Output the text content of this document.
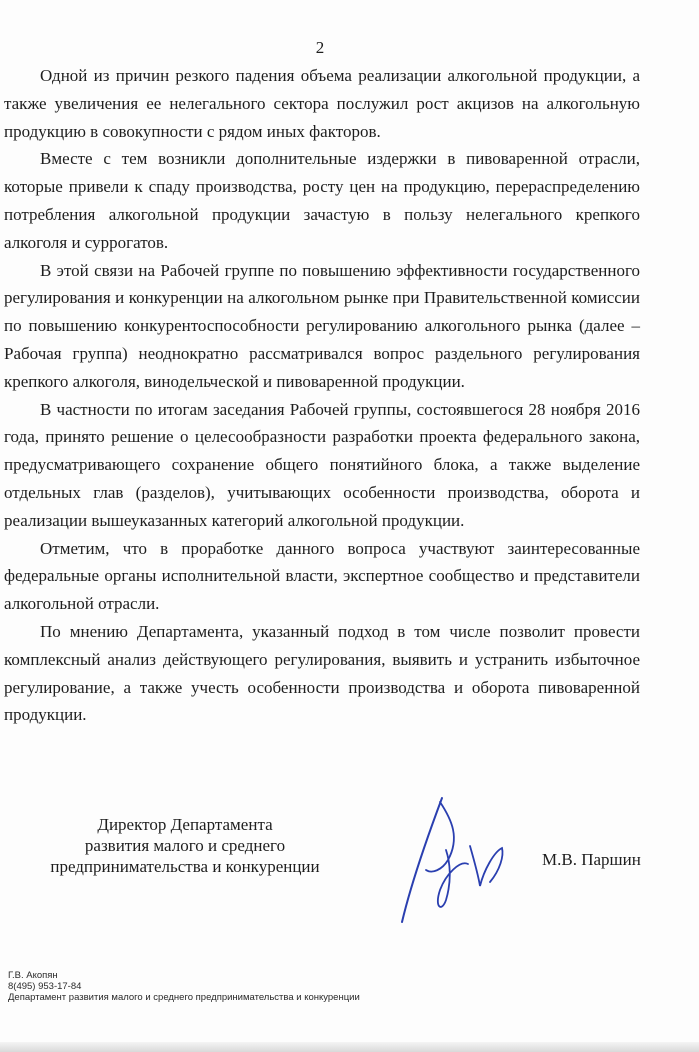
2

Одной из причин резкого падения объема реализации алкогольной продукции, а также увеличения ее нелегального сектора послужил рост акцизов на алкогольную продукцию в совокупности с рядом иных факторов.

Вместе с тем возникли дополнительные издержки в пивоваренной отрасли, которые привели к спаду производства, росту цен на продукцию, перераспределению потребления алкогольной продукции зачастую в пользу нелегального крепкого алкоголя и суррогатов.

В этой связи на Рабочей группе по повышению эффективности государственного регулирования и конкуренции на алкогольном рынке при Правительственной комиссии по повышению конкурентоспособности регулированию алкогольного рынка (далее – Рабочая группа) неоднократно рассматривался вопрос раздельного регулирования крепкого алкоголя, винодельческой и пивоваренной продукции.

В частности по итогам заседания Рабочей группы, состоявшегося 28 ноября 2016 года, принято решение о целесообразности разработки проекта федерального закона, предусматривающего сохранение общего понятийного блока, а также выделение отдельных глав (разделов), учитывающих особенности производства, оборота и реализации вышеуказанных категорий алкогольной продукции.

Отметим, что в проработке данного вопроса участвуют заинтересованные федеральные органы исполнительной власти, экспертное сообщество и представители алкогольной отрасли.

По мнению Департамента, указанный подход в том числе позволит провести комплексный анализ действующего регулирования, выявить и устранить избыточное регулирование, а также учесть особенности производства и оборота пивоваренной продукции.

Директор Департамента
развития малого и среднего
предпринимательства и конкуренции	М.В. Паршин
Г.В. Акопян
8(495) 953-17-84
Департамент развития малого и среднего предпринимательства и конкуренции
